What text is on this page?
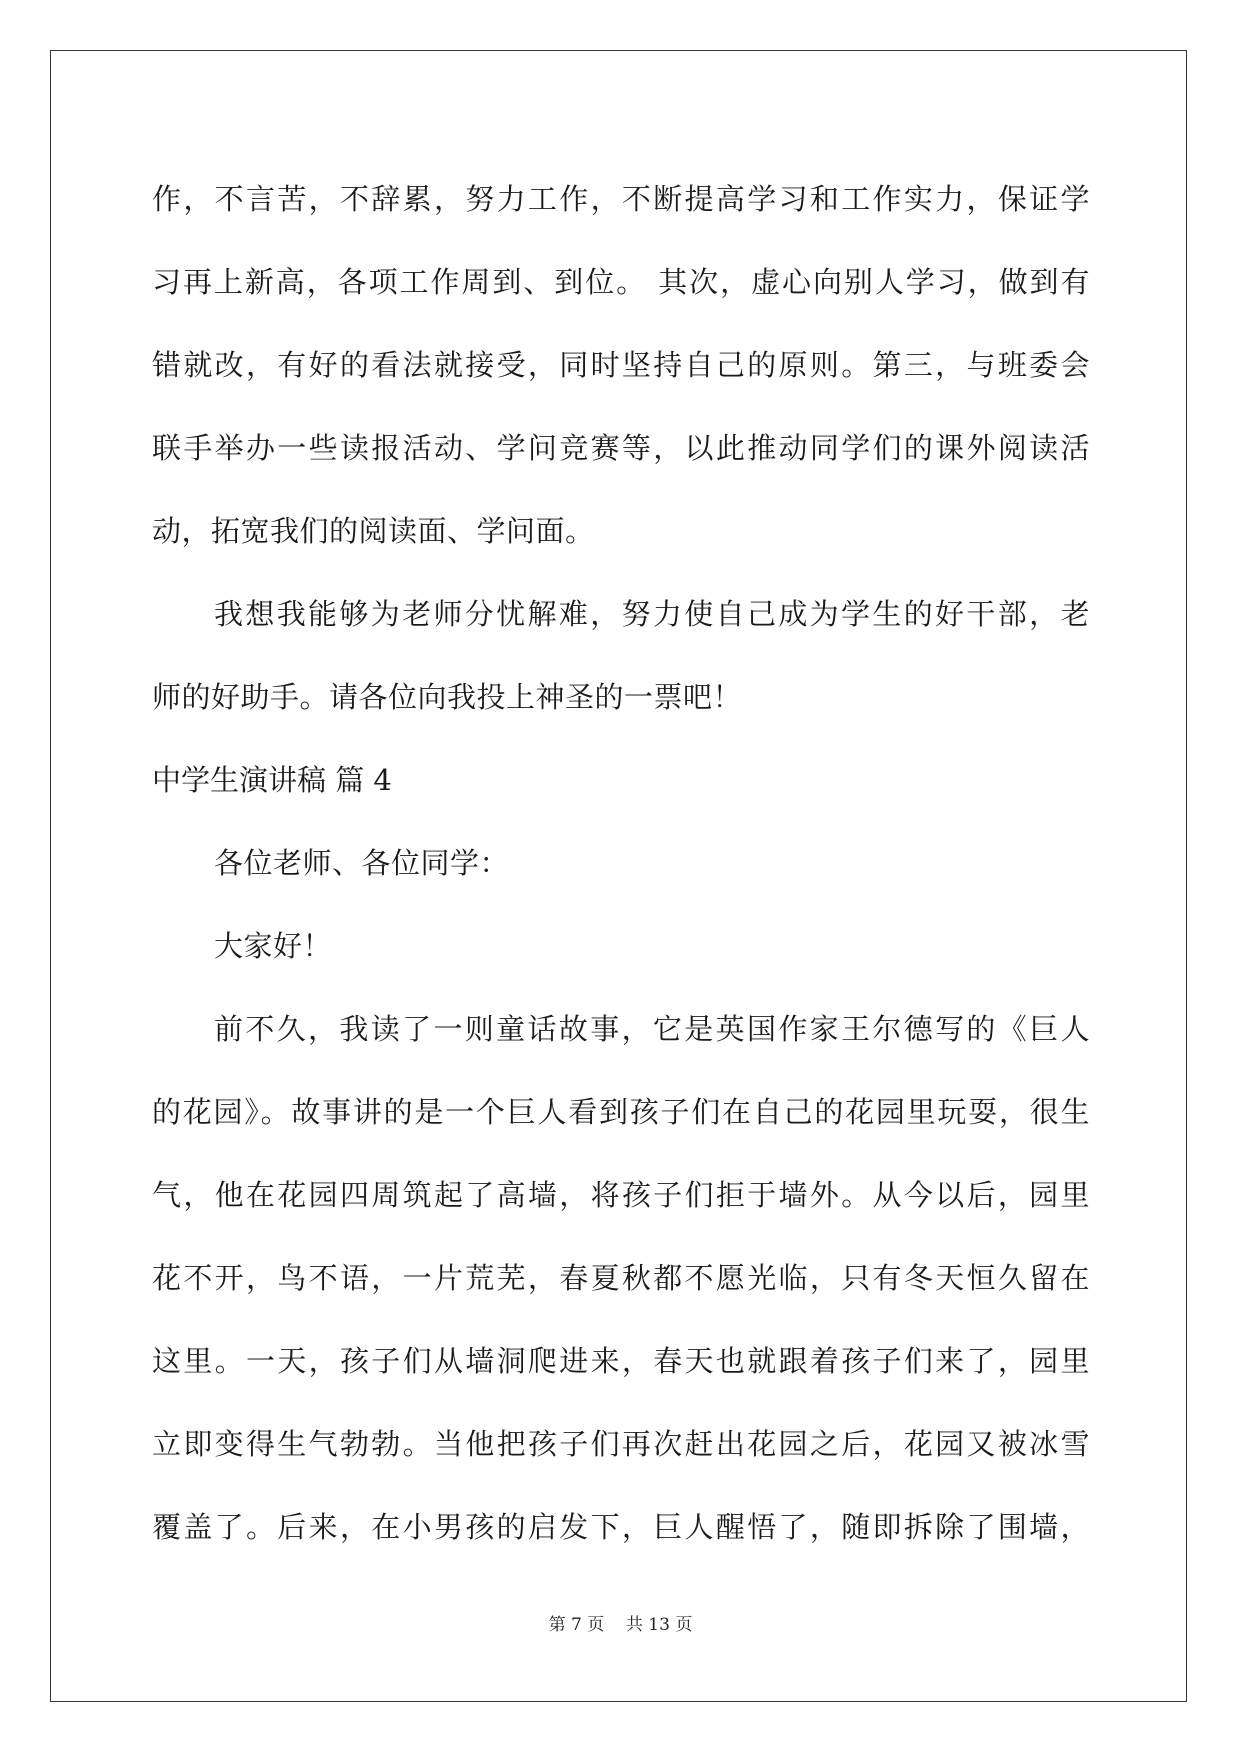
作，不言苦，不辞累，努力工作，不断提高学习和工作实力，保证学
习再上新高，各项工作周到、到位。 其次，虚心向别人学习，做到有
错就改，有好的看法就接受，同时坚持自己的原则。第三，与班委会
联手举办一些读报活动、学问竞赛等，以此推动同学们的课外阅读活
动，拓宽我们的阅读面、学问面。
我想我能够为老师分忧解难，努力使自己成为学生的好干部，老
师的好助手。请各位向我投上神圣的一票吧！
中学生演讲稿 篇 4
各位老师、各位同学：
大家好！
前不久，我读了一则童话故事，它是英国作家王尔德写的《巨人
的花园》。故事讲的是一个巨人看到孩子们在自己的花园里玩耍，很生
气，他在花园四周筑起了高墙，将孩子们拒于墙外。从今以后，园里
花不开，鸟不语，一片荒芜，春夏秋都不愿光临，只有冬天恒久留在
这里。一天，孩子们从墙洞爬进来，春天也就跟着孩子们来了，园里
立即变得生气勃勃。当他把孩子们再次赶出花园之后，花园又被冰雪
覆盖了。后来，在小男孩的启发下，巨人醒悟了，随即拆除了围墙，
第 7 页    共 13 页
